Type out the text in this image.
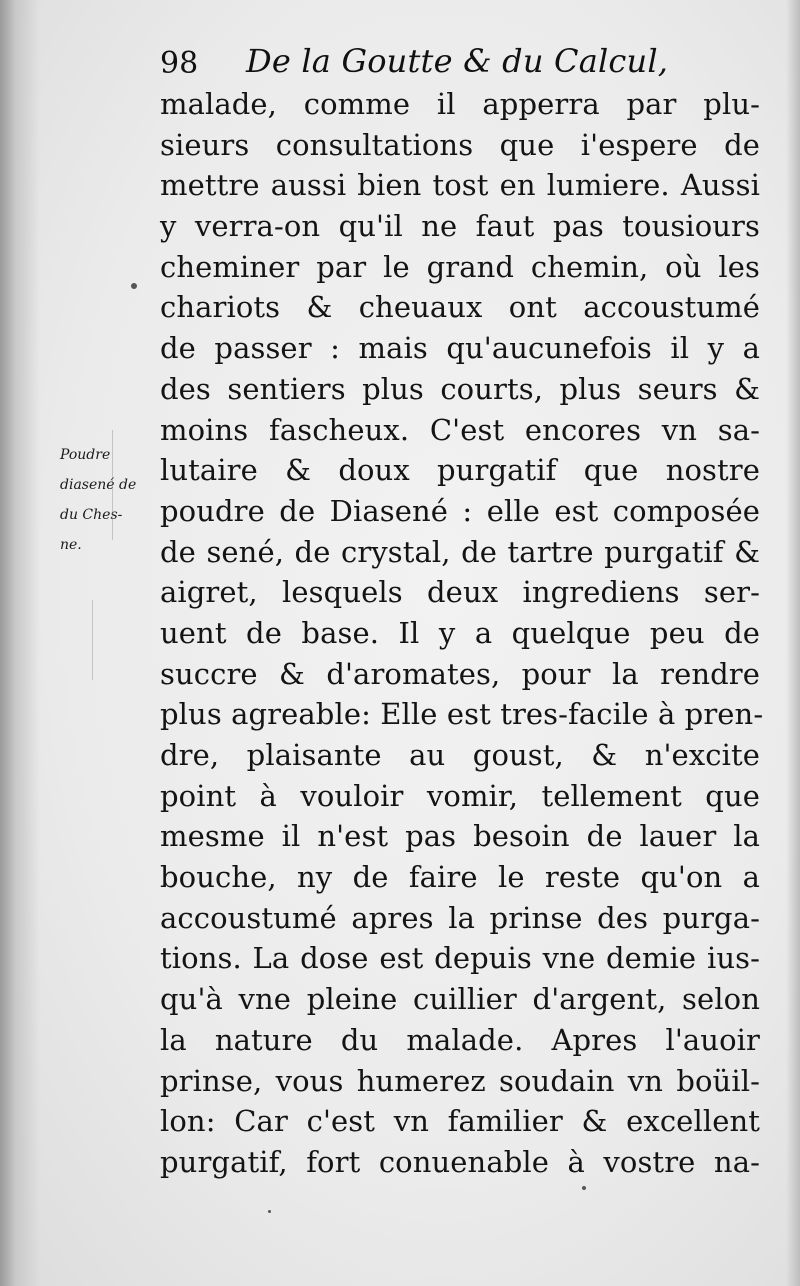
98 De la Goutte & du Calcul,
Poudre
diasené de
du Ches-
ne.
malade, comme il apperra par plu-
sieurs consultations que i'espere de
mettre aussi bien tost en lumiere. Aussi
y verra-on qu'il ne faut pas tousiours
cheminer par le grand chemin, où les
chariots & cheuaux ont accoustumé
de passer : mais qu'aucunefois il y a
des sentiers plus courts, plus seurs &
moins fascheux. C'est encores vn sa-
lutaire & doux purgatif que nostre
poudre de Diasené : elle est composée
de sené, de crystal, de tartre purgatif &
aigret, lesquels deux ingrediens ser-
uent de base. Il y a quelque peu de
succre & d'aromates, pour la rendre
plus agreable: Elle est tres-facile à pren-
dre, plaisante au goust, & n'excite
point à vouloir vomir, tellement que
mesme il n'est pas besoin de lauer la
bouche, ny de faire le reste qu'on a
accoustumé apres la prinse des purga-
tions. La dose est depuis vne demie ius-
qu'à vne pleine cuillier d'argent, selon
la nature du malade. Apres l'auoir
prinse, vous humerez soudain vn boüil-
lon: Car c'est vn familier & excellent
purgatif, fort conuenable à vostre na-
